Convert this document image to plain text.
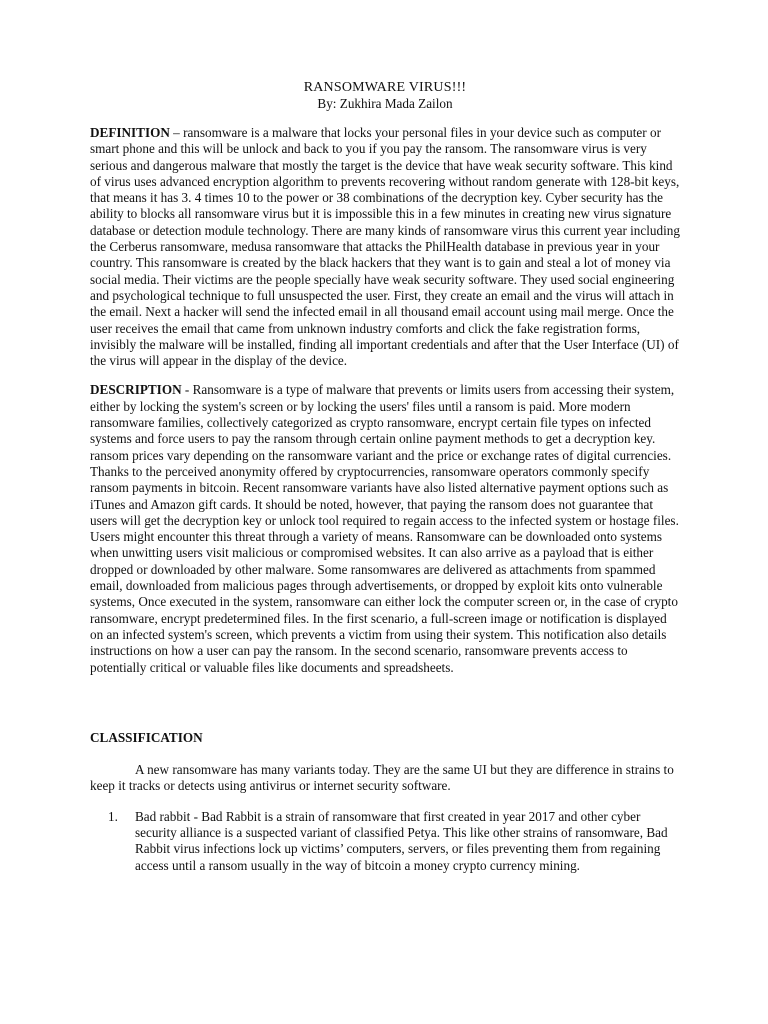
RANSOMWARE VIRUS!!!

By: Zukhira Mada Zailon

DEFINITION – ransomware is a malware that locks your personal files in your device such as computer or smart phone and this will be unlock and back to you if you pay the ransom. The ransomware virus is very serious and dangerous malware that mostly the target is the device that have weak security software. This kind of virus uses advanced encryption algorithm to prevents recovering without random generate with 128-bit keys, that means it has 3. 4 times 10 to the power or 38 combinations of the decryption key. Cyber security has the ability to blocks all ransomware virus but it is impossible this in a few minutes in creating new virus signature database or detection module technology. There are many kinds of ransomware virus this current year including the Cerberus ransomware, medusa ransomware that attacks the PhilHealth database in previous year in your country. This ransomware is created by the black hackers that they want is to gain and steal a lot of money via social media. Their victims are the people specially have weak security software. They used social engineering and psychological technique to full unsuspected the user. First, they create an email and the virus will attach in the email. Next a hacker will send the infected email in all thousand email account using mail merge. Once the user receives the email that came from unknown industry comforts and click the fake registration forms, invisibly the malware will be installed, finding all important credentials and after that the User Interface (UI) of the virus will appear in the display of the device.

DESCRIPTION - Ransomware is a type of malware that prevents or limits users from accessing their system, either by locking the system's screen or by locking the users' files until a ransom is paid. More modern ransomware families, collectively categorized as crypto ransomware, encrypt certain file types on infected systems and force users to pay the ransom through certain online payment methods to get a decryption key. ransom prices vary depending on the ransomware variant and the price or exchange rates of digital currencies. Thanks to the perceived anonymity offered by cryptocurrencies, ransomware operators commonly specify ransom payments in bitcoin. Recent ransomware variants have also listed alternative payment options such as iTunes and Amazon gift cards. It should be noted, however, that paying the ransom does not guarantee that users will get the decryption key or unlock tool required to regain access to the infected system or hostage files. Users might encounter this threat through a variety of means. Ransomware can be downloaded onto systems when unwitting users visit malicious or compromised websites. It can also arrive as a payload that is either dropped or downloaded by other malware. Some ransomwares are delivered as attachments from spammed email, downloaded from malicious pages through advertisements, or dropped by exploit kits onto vulnerable systems, Once executed in the system, ransomware can either lock the computer screen or, in the case of crypto ransomware, encrypt predetermined files. In the first scenario, a full-screen image or notification is displayed on an infected system's screen, which prevents a victim from using their system. This notification also details instructions on how a user can pay the ransom. In the second scenario, ransomware prevents access to potentially critical or valuable files like documents and spreadsheets.

CLASSIFICATION

A new ransomware has many variants today. They are the same UI but they are difference in strains to keep it tracks or detects using antivirus or internet security software.

1. Bad rabbit - Bad Rabbit is a strain of ransomware that first created in year 2017 and other cyber security alliance is a suspected variant of classified Petya. This like other strains of ransomware, Bad Rabbit virus infections lock up victims’ computers, servers, or files preventing them from regaining access until a ransom usually in the way of bitcoin a money crypto currency mining.
